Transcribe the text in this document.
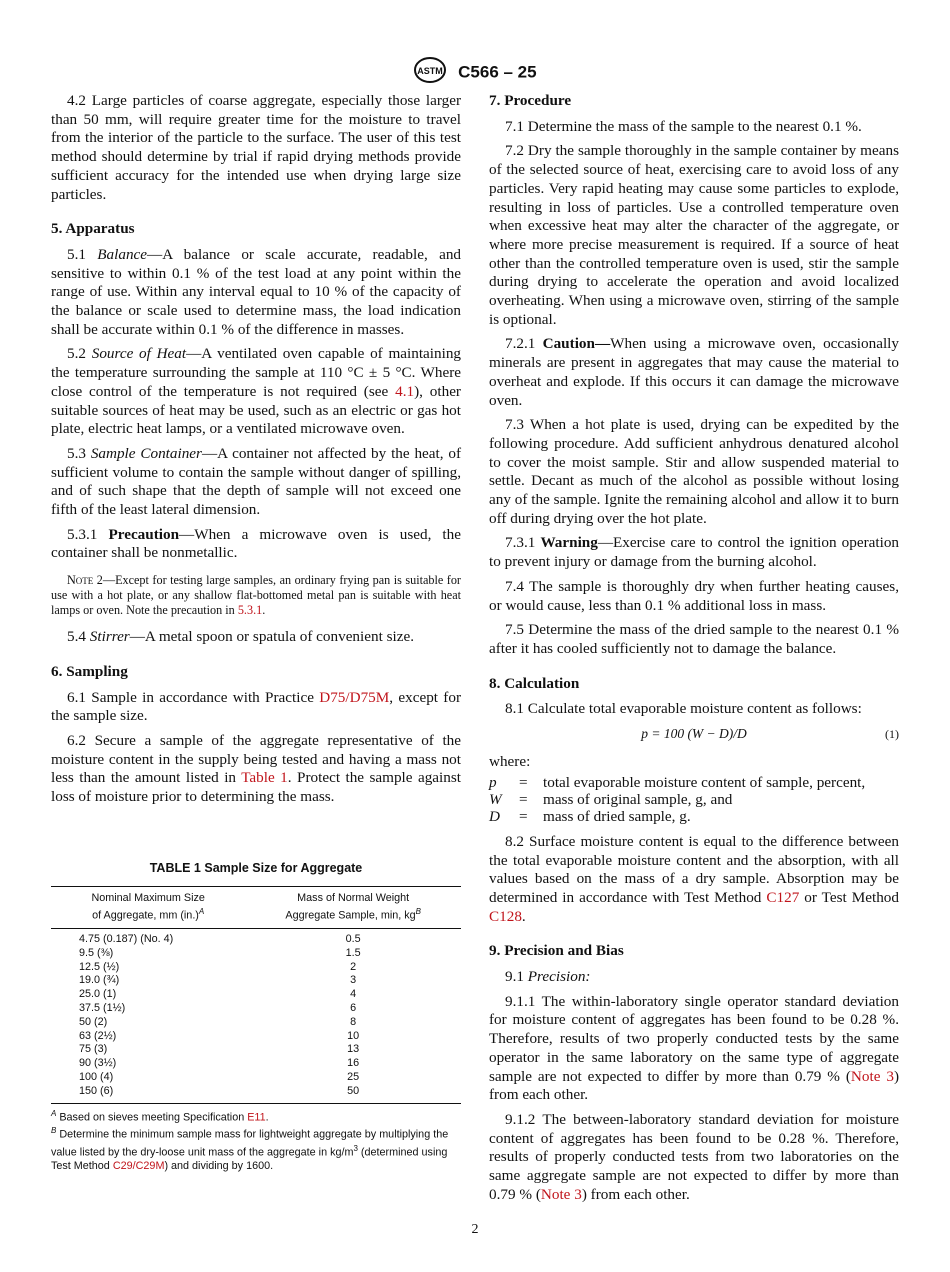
ASTM C566 – 25

4.2 Large particles of coarse aggregate, especially those larger than 50 mm, will require greater time for the moisture to travel from the interior of the particle to the surface. The user of this test method should determine by trial if rapid drying methods provide sufficient accuracy for the intended use when drying large size particles.

5. Apparatus

5.1 Balance—A balance or scale accurate, readable, and sensitive to within 0.1 % of the test load at any point within the range of use. Within any interval equal to 10 % of the capacity of the balance or scale used to determine mass, the load indication shall be accurate within 0.1 % of the difference in masses.

5.2 Source of Heat—A ventilated oven capable of maintaining the temperature surrounding the sample at 110 °C ± 5 °C. Where close control of the temperature is not required (see 4.1), other suitable sources of heat may be used, such as an electric or gas hot plate, electric heat lamps, or a ventilated microwave oven.

5.3 Sample Container—A container not affected by the heat, of sufficient volume to contain the sample without danger of spilling, and of such shape that the depth of sample will not exceed one fifth of the least lateral dimension.

5.3.1 Precaution—When a microwave oven is used, the container shall be nonmetallic.

Note 2—Except for testing large samples, an ordinary frying pan is suitable for use with a hot plate, or any shallow flat-bottomed metal pan is suitable with heat lamps or oven. Note the precaution in 5.3.1.

5.4 Stirrer—A metal spoon or spatula of convenient size.

6. Sampling

6.1 Sample in accordance with Practice D75/D75M, except for the sample size.

6.2 Secure a sample of the aggregate representative of the moisture content in the supply being tested and having a mass not less than the amount listed in Table 1. Protect the sample against loss of moisture prior to determining the mass.

TABLE 1 Sample Size for Aggregate
Nominal Maximum Size
of Aggregate, mm $(in.)^A$	Mass of Normal Weight
Aggregate Sample, min, $kg^B$
4.75 (0.187) (No. 4)	0.5
9.5 (⅜)	1.5
12.5 (½)	2
19.0 (¾)	3
25.0 (1)	4
37.5 (1½)	6
50 (2)	8
63 (2½)	10
75 (3)	13
90 (3½)	16
100 (4)	25
150 (6)	50
$^A$ Based on sieves meeting Specification E11.
$^B$ Determine the minimum sample mass for lightweight aggregate by multiplying the value listed by the dry-loose unit mass of the aggregate in $kg/m^3$ (determined using Test Method C29/C29M) and dividing by 1600.
7. Procedure

7.1 Determine the mass of the sample to the nearest 0.1 %.

7.2 Dry the sample thoroughly in the sample container by means of the selected source of heat, exercising care to avoid loss of any particles. Very rapid heating may cause some particles to explode, resulting in loss of particles. Use a controlled temperature oven when excessive heat may alter the character of the aggregate, or where more precise measurement is required. If a source of heat other than the controlled temperature oven is used, stir the sample during drying to accelerate the operation and avoid localized overheating. When using a microwave oven, stirring of the sample is optional.

7.2.1 Caution—When using a microwave oven, occasionally minerals are present in aggregates that may cause the material to overheat and explode. If this occurs it can damage the microwave oven.

7.3 When a hot plate is used, drying can be expedited by the following procedure. Add sufficient anhydrous denatured alcohol to cover the moist sample. Stir and allow suspended material to settle. Decant as much of the alcohol as possible without losing any of the sample. Ignite the remaining alcohol and allow it to burn off during drying over the hot plate.

7.3.1 Warning—Exercise care to control the ignition operation to prevent injury or damage from the burning alcohol.

7.4 The sample is thoroughly dry when further heating causes, or would cause, less than 0.1 % additional loss in mass.

7.5 Determine the mass of the dried sample to the nearest 0.1 % after it has cooled sufficiently not to damage the balance.

8. Calculation

8.1 Calculate total evaporable moisture content as follows:

p = 100 (W − D)/D	(1)
where:
p	=	total evaporable moisture content of sample, percent,
W	=	mass of original sample, g, and
D	=	mass of dried sample, g.

8.2 Surface moisture content is equal to the difference between the total evaporable moisture content and the absorption, with all values based on the mass of a dry sample. Absorption may be determined in accordance with Test Method C127 or Test Method C128.

9. Precision and Bias

9.1 Precision:

9.1.1 The within-laboratory single operator standard deviation for moisture content of aggregates has been found to be 0.28 %. Therefore, results of two properly conducted tests by the same operator in the same laboratory on the same type of aggregate sample are not expected to differ by more than 0.79 % (Note 3) from each other.

9.1.2 The between-laboratory standard deviation for moisture content of aggregates has been found to be 0.28 %. Therefore, results of properly conducted tests from two laboratories on the same aggregate sample are not expected to differ by more than 0.79 % (Note 3) from each other.

2
